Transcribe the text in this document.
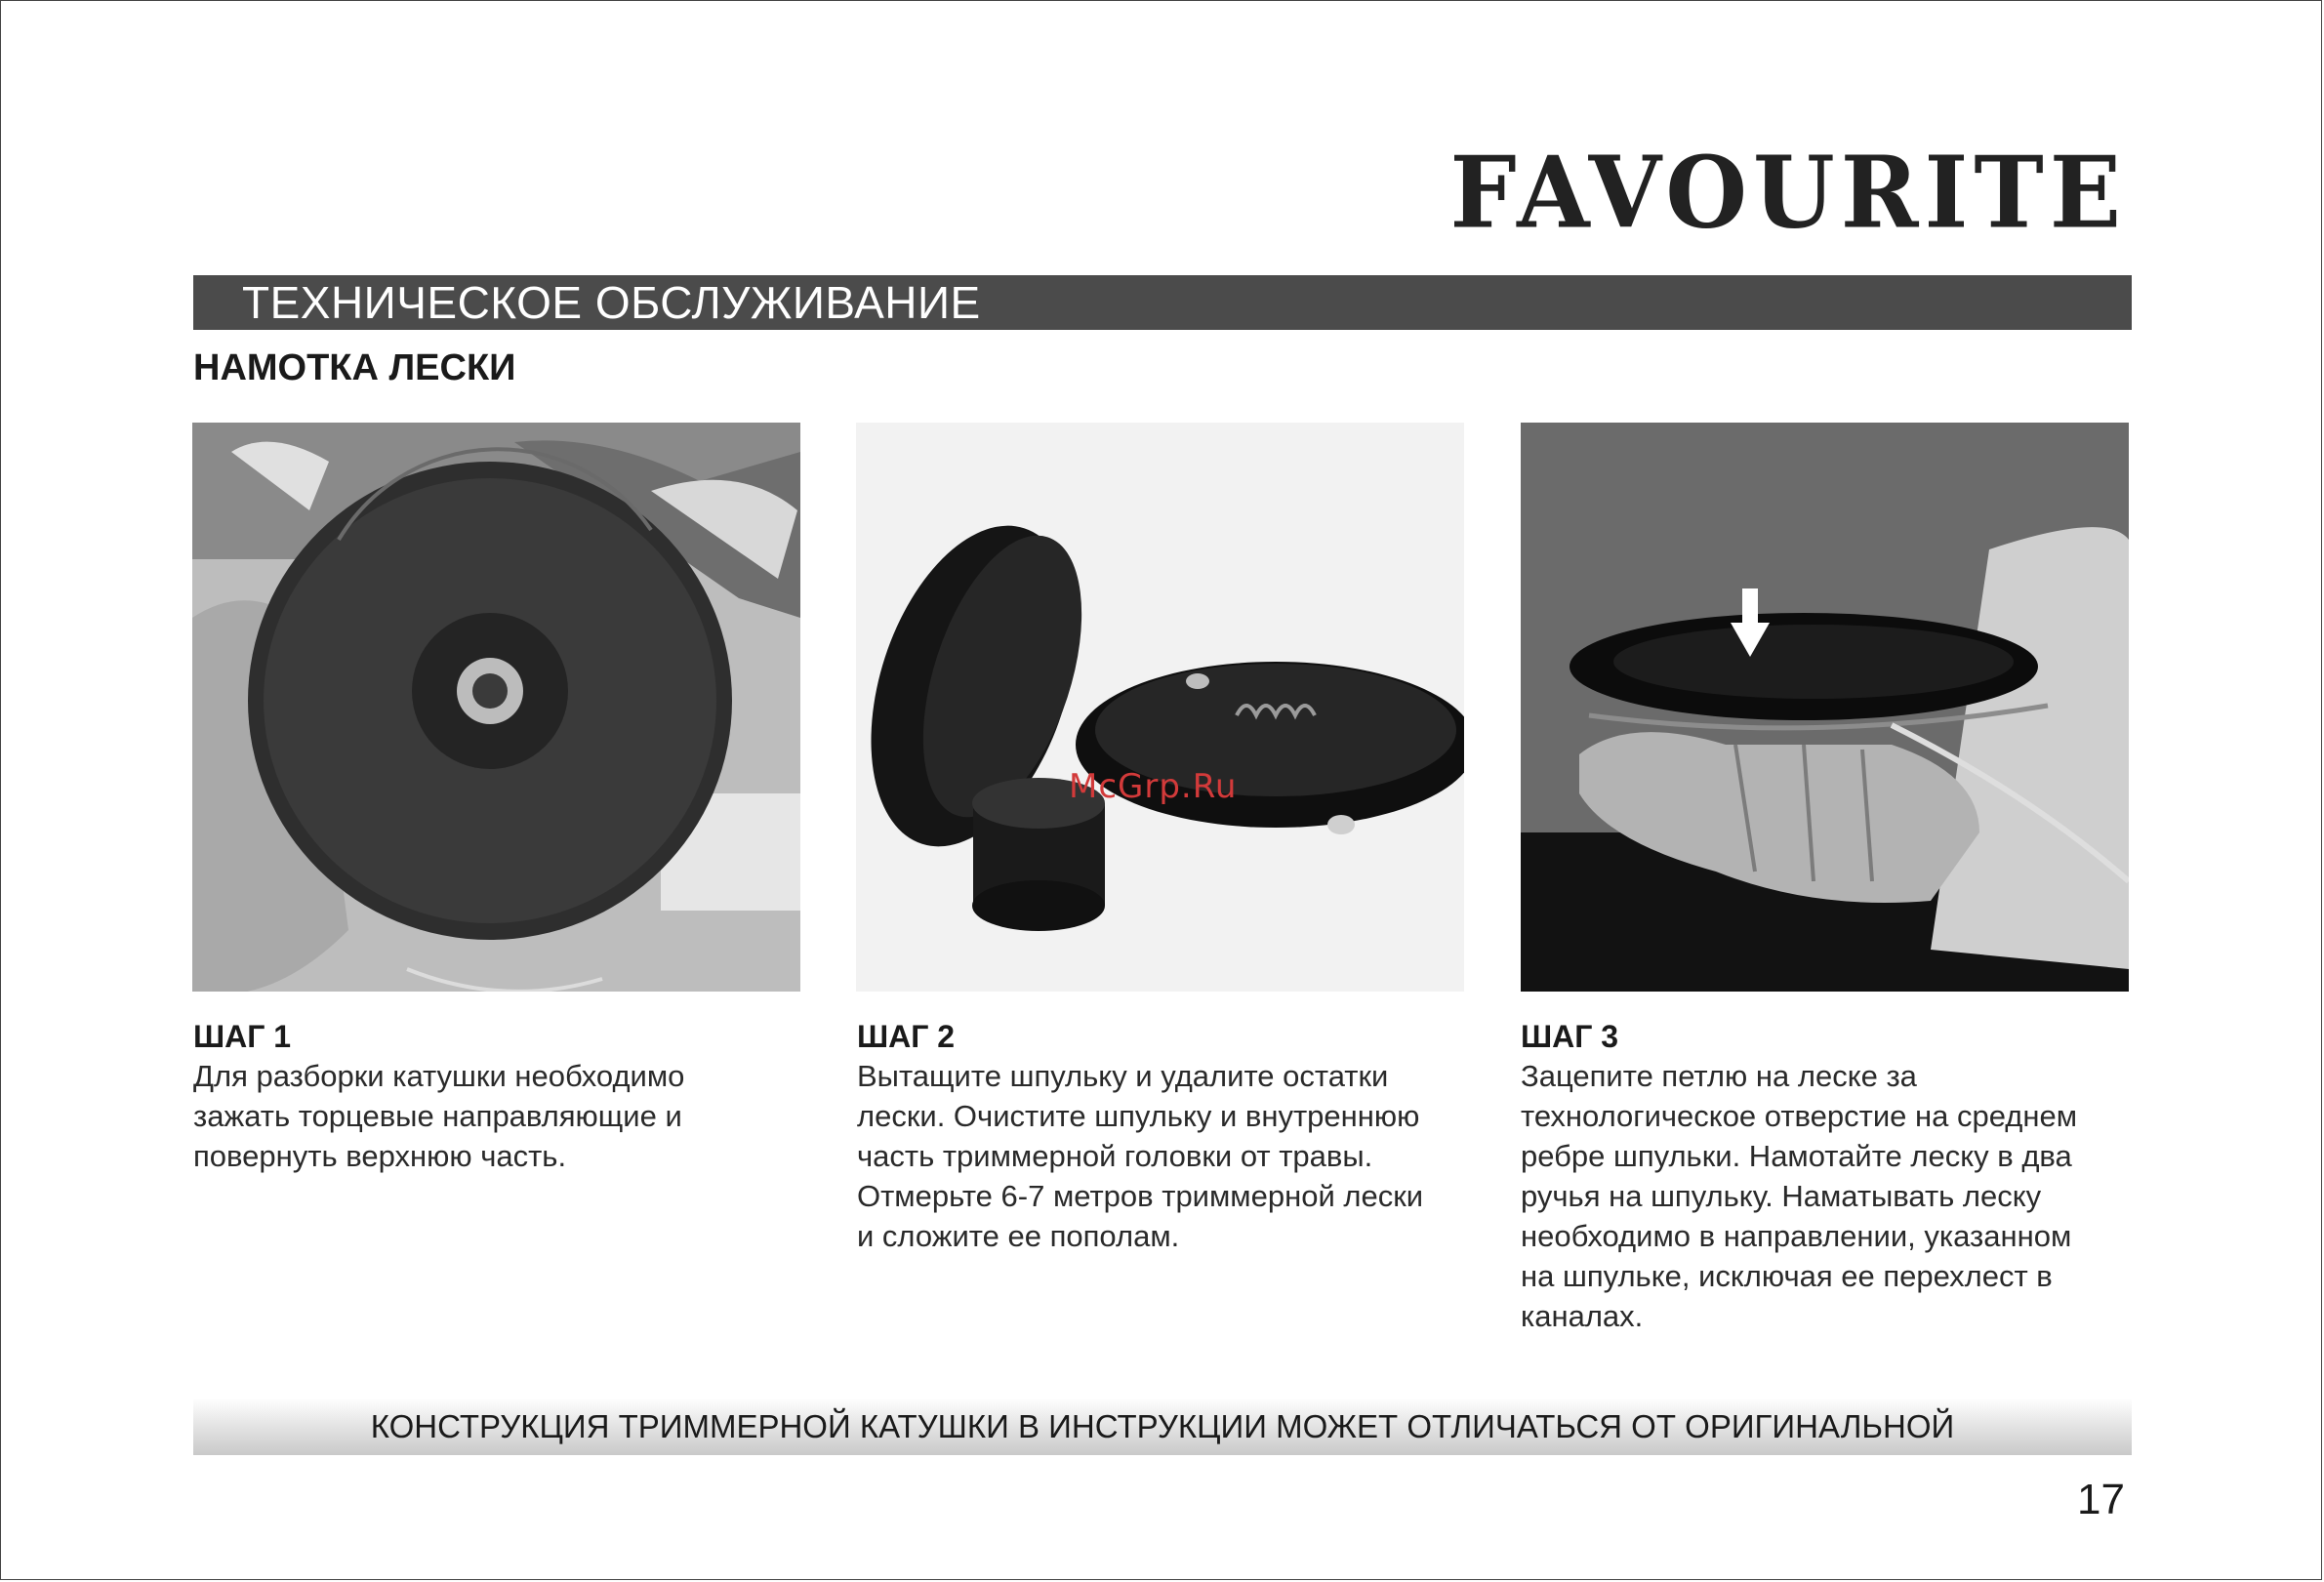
FAVOURITE
ТЕХНИЧЕСКОЕ ОБСЛУЖИВАНИЕ
НАМОТКА ЛЕСКИ
McGrp.Ru
ШАГ 1
Для разборки катушки необходимо
зажать торцевые направляющие и
повернуть верхнюю часть.
ШАГ 2
Вытащите шпульку и удалите остатки
лески. Очистите шпульку и внутреннюю
часть триммерной головки от травы.
Отмерьте 6-7 метров триммерной лески
и сложите ее пополам.
ШАГ 3
Зацепите петлю на леске за
технологическое отверстие на среднем
ребре шпульки. Намотайте леску в два
ручья на шпульку. Наматывать леску
необходимо в направлении, указанном
на шпульке, исключая ее перехлест в
каналах.
КОНСТРУКЦИЯ ТРИММЕРНОЙ КАТУШКИ В ИНСТРУКЦИИ МОЖЕТ ОТЛИЧАТЬСЯ ОТ ОРИГИНАЛЬНОЙ
17
